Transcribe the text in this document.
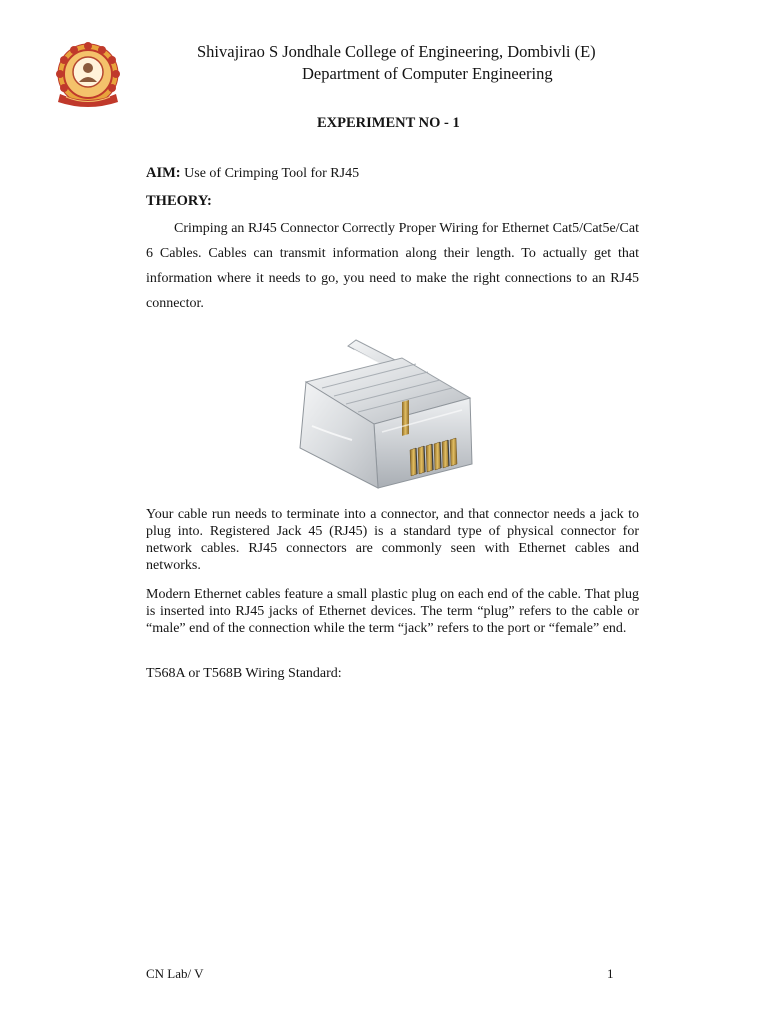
Shivajirao S Jondhale College of Engineering, Dombivli (E)
Department of Computer Engineering
EXPERIMENT NO - 1
AIM: Use of Crimping Tool for RJ45
THEORY:

Crimping an RJ45 Connector Correctly Proper Wiring for Ethernet Cat5/Cat5e/Cat 6 Cables. Cables can transmit information along their length. To actually get that information where it needs to go, you need to make the right connections to an RJ45 connector.

Your cable run needs to terminate into a connector, and that connector needs a jack to plug into. Registered Jack 45 (RJ45) is a standard type of physical connector for network cables. RJ45 connectors are commonly seen with Ethernet cables and networks.

Modern Ethernet cables feature a small plastic plug on each end of the cable. That plug is inserted into RJ45 jacks of Ethernet devices. The term “plug” refers to the cable or “male” end of the connection while the term “jack” refers to the port or “female” end.

T568A or T568B Wiring Standard:
CN Lab/ V	1
